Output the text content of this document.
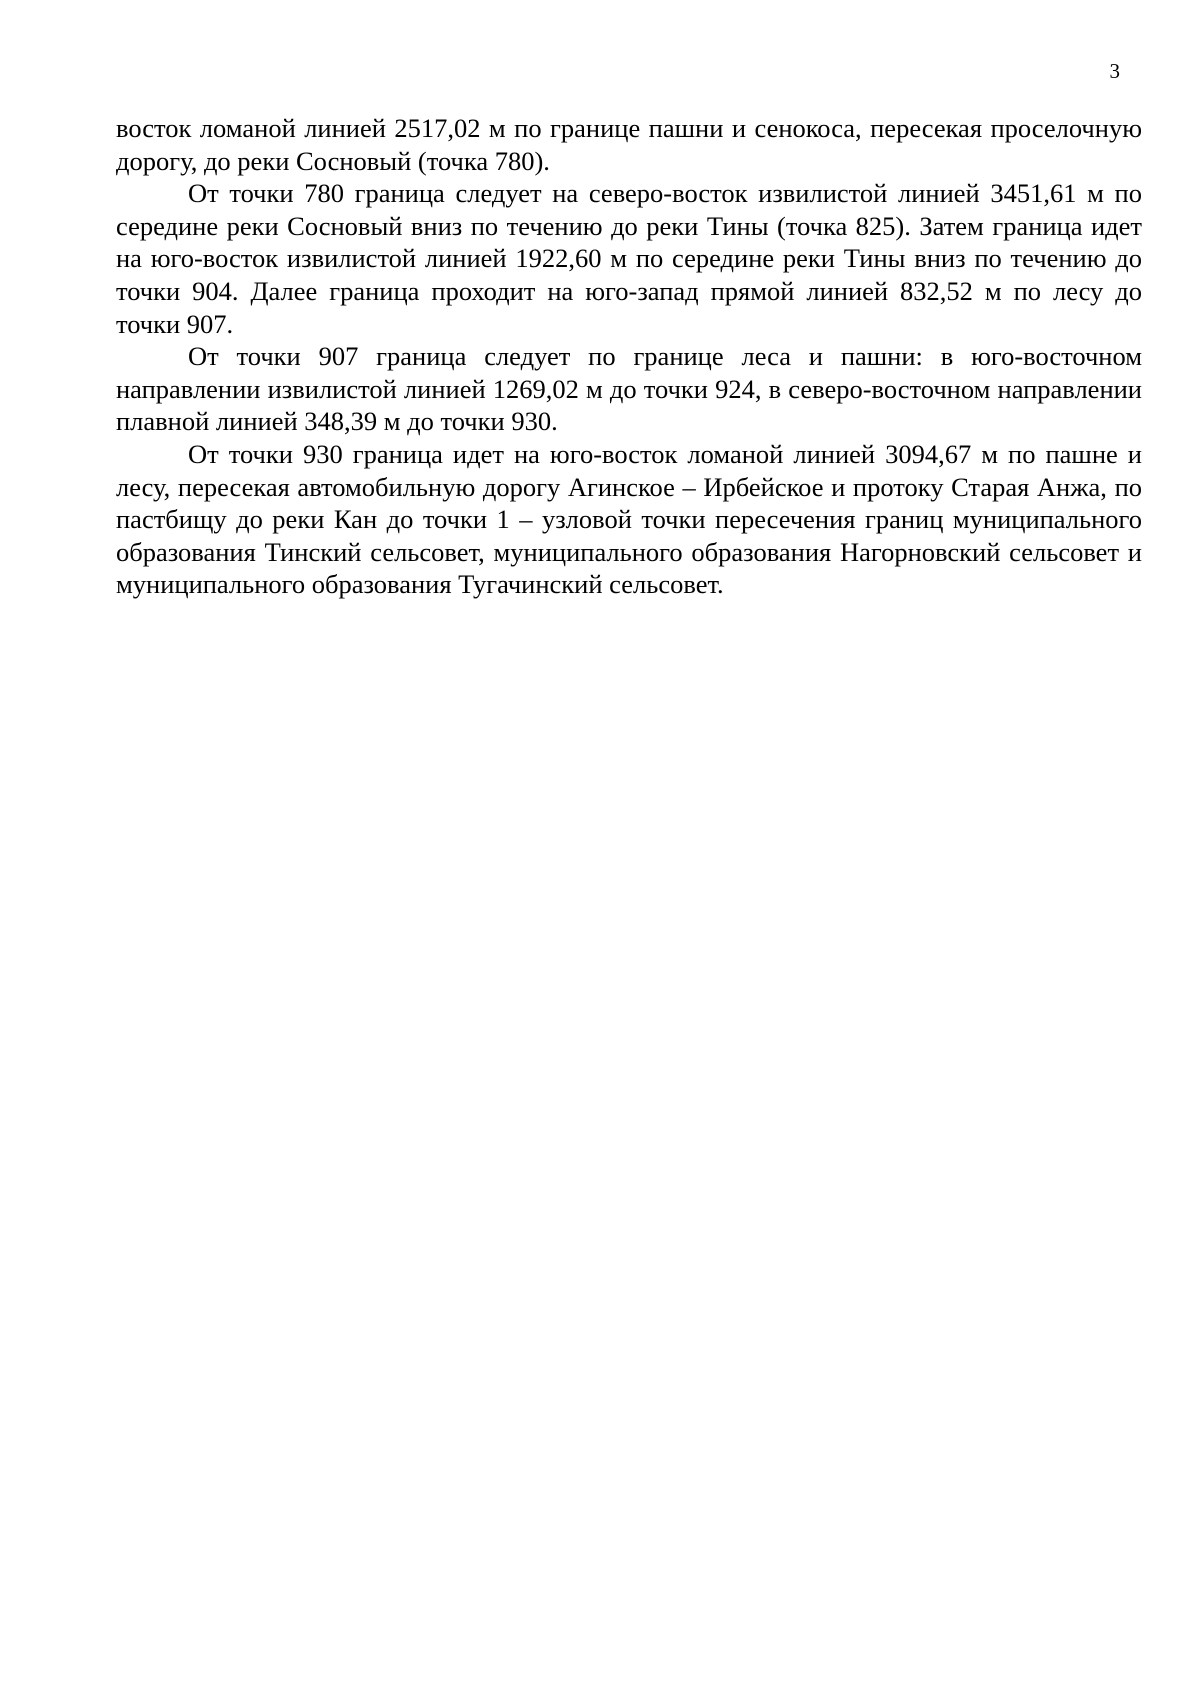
3

восток ломаной линией 2517,02 м по границе пашни и сенокоса, пересекая проселочную дорогу, до реки Сосновый (точка 780).

От точки 780 граница следует на северо-восток извилистой линией 3451,61 м по середине реки Сосновый вниз по течению до реки Тины (точка 825). Затем граница идет на юго-восток извилистой линией 1922,60 м по середине реки Тины вниз по течению до точки 904. Далее граница проходит на юго-запад прямой линией 832,52 м по лесу до точки 907.

От точки 907 граница следует по границе леса и пашни: в юго-восточном направлении извилистой линией 1269,02 м до точки 924, в северо-восточном направлении плавной линией 348,39 м до точки 930.

От точки 930 граница идет на юго-восток ломаной линией 3094,67 м по пашне и лесу, пересекая автомобильную дорогу Агинское – Ирбейское и протоку Старая Анжа, по пастбищу до реки Кан до точки 1 – узловой точки пересечения границ муниципального образования Тинский сельсовет, муниципального образования Нагорновский сельсовет и муниципального образования Тугачинский сельсовет.
